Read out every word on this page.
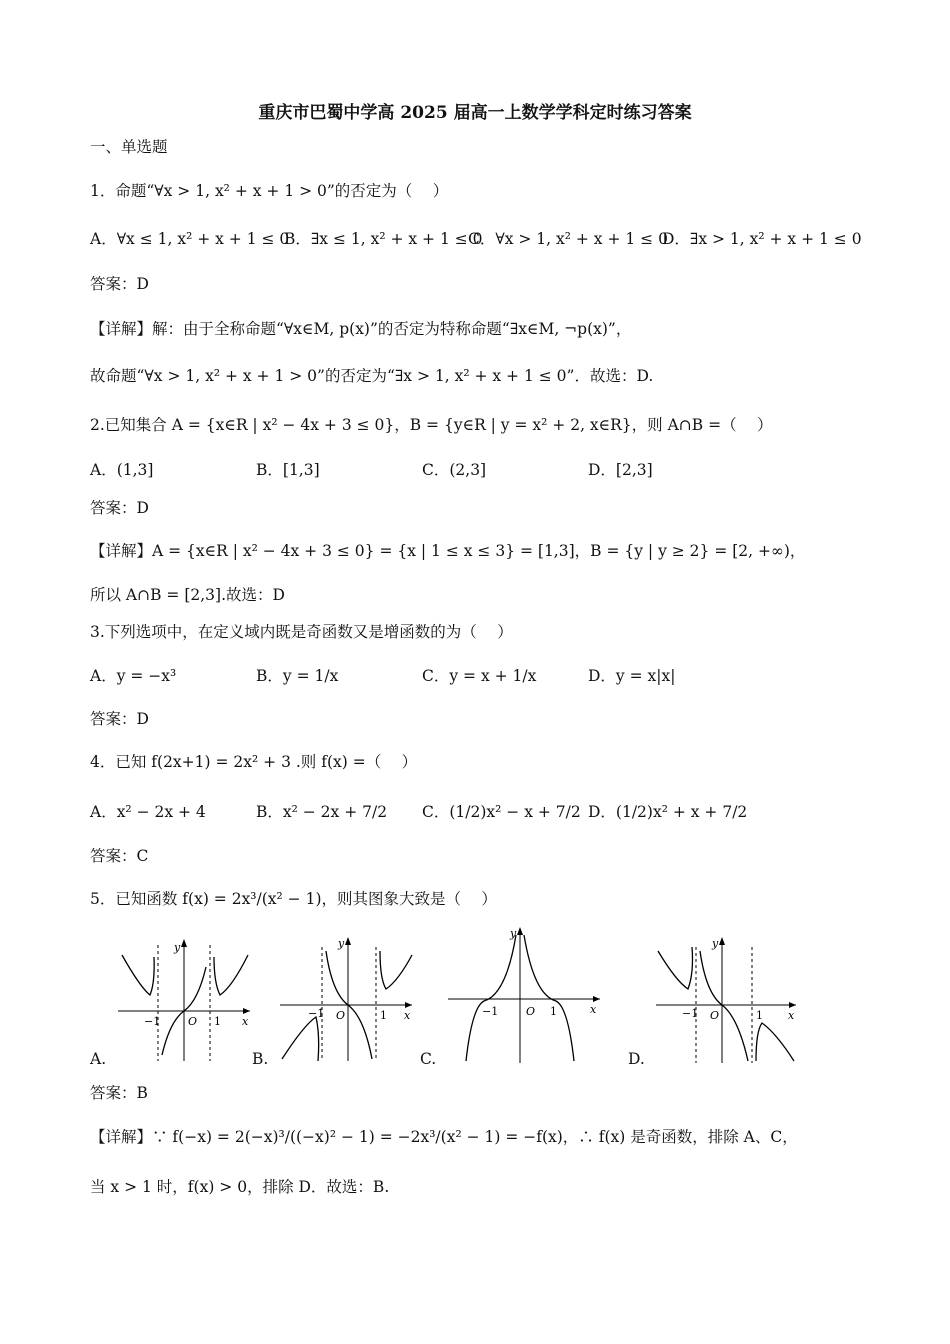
重庆市巴蜀中学高 2025 届高一上数学学科定时练习答案
一、单选题
1．命题“∀x > 1, x² + x + 1 > 0”的否定为（　 ）
A．∀x ≤ 1, x² + x + 1 ≤ 0
B．∃x ≤ 1, x² + x + 1 ≤ 0
C．∀x > 1, x² + x + 1 ≤ 0
D．∃x > 1, x² + x + 1 ≤ 0
答案：D
【详解】解：由于全称命题“∀x∈M, p(x)”的否定为特称命题“∃x∈M, ¬p(x)”，
故命题“∀x > 1, x² + x + 1 > 0”的否定为“∃x > 1, x² + x + 1 ≤ 0”．故选：D.
2.已知集合 A = {x∈R | x² − 4x + 3 ≤ 0}，B = {y∈R | y = x² + 2, x∈R}，则 A∩B =（　 ）
A．(1,3]	B．[1,3]	C．(2,3]	D．[2,3]
答案：D
【详解】A = {x∈R | x² − 4x + 3 ≤ 0} = {x | 1 ≤ x ≤ 3} = [1,3]，B = {y | y ≥ 2} = [2, +∞)，
所以 A∩B = [2,3].故选：D
3.下列选项中，在定义域内既是奇函数又是增函数的为（　 ）
A．y = −x³	B．y = 1/x	C．y = x + 1/x	D．y = x|x|
答案：D
4．已知 f(2x+1) = 2x² + 3 .则 f(x) =（　 ）
A．x² − 2x + 4	B．x² − 2x + 7/2 C．(1/2)x² − x + 7/2 D．(1/2)x² + x + 7/2
答案：C
5．已知函数 f(x) = 2x³/(x² − 1)，则其图象大致是（　 ）
A.
−1	O 1 x
y
B.
−1 O	1 x
y
C.
−1	O 1	x
y
D.
−1 O	1 x
y
答案：B
【详解】∵ f(−x) = 2(−x)³/((−x)² − 1) = −2x³/(x² − 1) = −f(x)，∴ f(x) 是奇函数，排除 A、C，
当 x > 1 时，f(x) > 0，排除 D．故选：B.
